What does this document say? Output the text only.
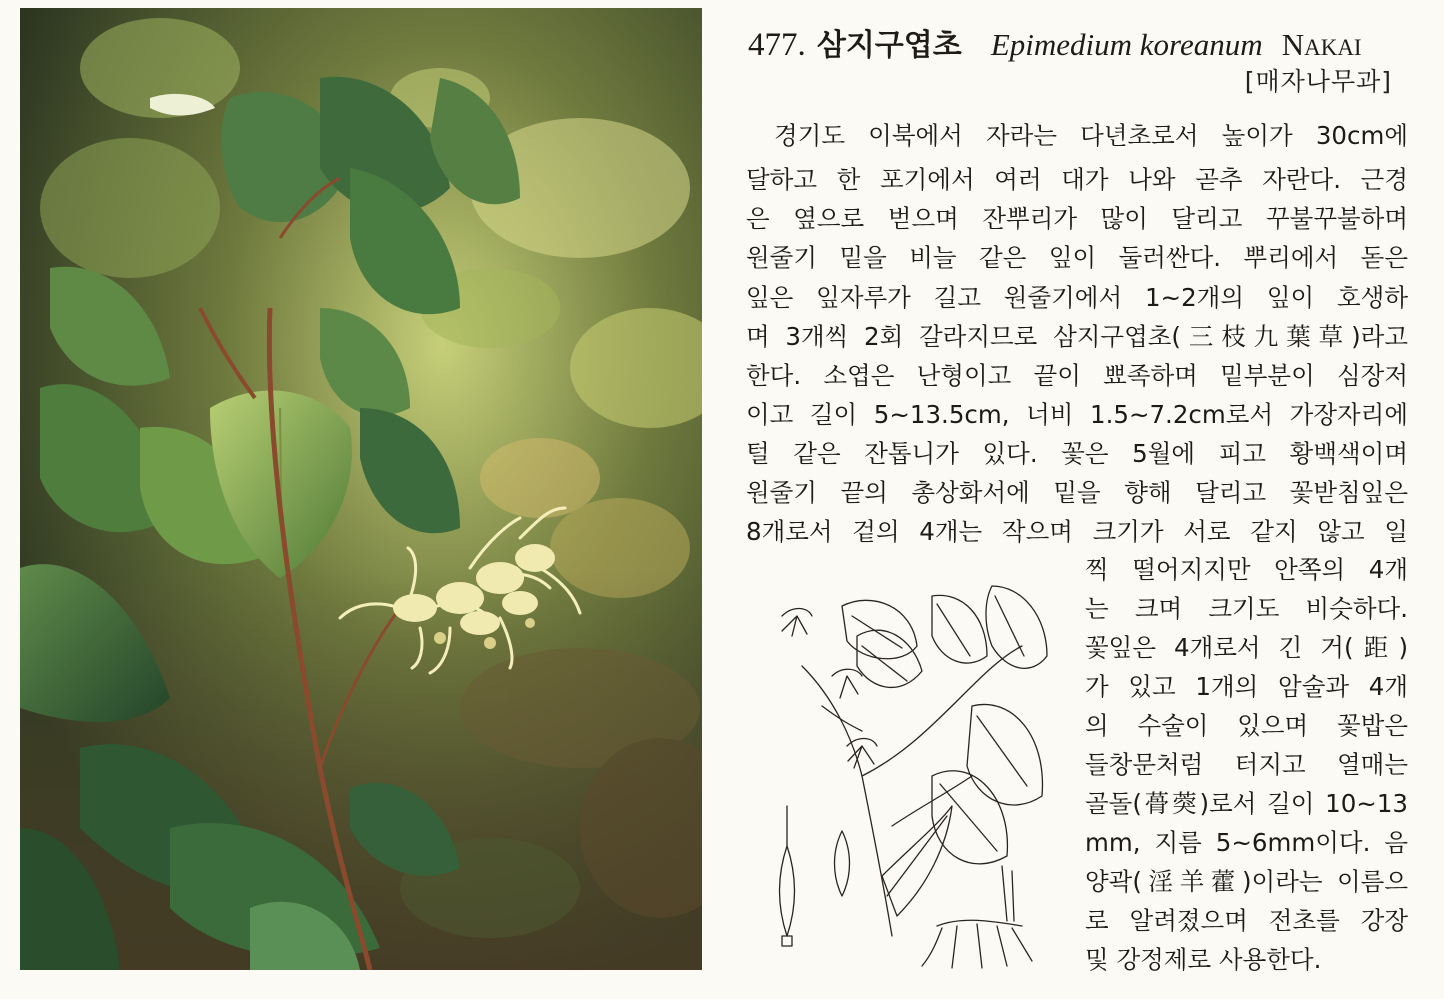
477. 삼지구엽초 Epimedium koreanum NAKAI
[매자나무과]
경기도 이북에서 자라는 다년초로서 높이가 30cm에
달하고 한 포기에서 여러 대가 나와 곧추 자란다. 근경
은 옆으로 벋으며 잔뿌리가 많이 달리고 꾸불꾸불하며
원줄기 밑을 비늘 같은 잎이 둘러싼다. 뿌리에서 돋은
잎은 잎자루가 길고 원줄기에서 1~2개의 잎이 호생하
며 3개씩 2회 갈라지므로 삼지구엽초(三枝九葉草)라고
한다. 소엽은 난형이고 끝이 뾰족하며 밑부분이 심장저
이고 길이 5~13.5cm, 너비 1.5~7.2cm로서 가장자리에
털 같은 잔톱니가 있다. 꽃은 5월에 피고 황백색이며
원줄기 끝의 총상화서에 밑을 향해 달리고 꽃받침잎은
8개로서 겉의 4개는 작으며 크기가 서로 같지 않고 일
찍 떨어지지만 안쪽의 4개
는 크며 크기도 비슷하다.
꽃잎은 4개로서 긴 거(距)
가 있고 1개의 암술과 4개
의 수술이 있으며 꽃밥은
들창문처럼 터지고 열매는
골돌(蓇葖)로서 길이 10~13
mm, 지름 5~6mm이다. 음
양곽(淫羊藿)이라는 이름으
로 알려졌으며 전초를 강장
및 강정제로 사용한다.
